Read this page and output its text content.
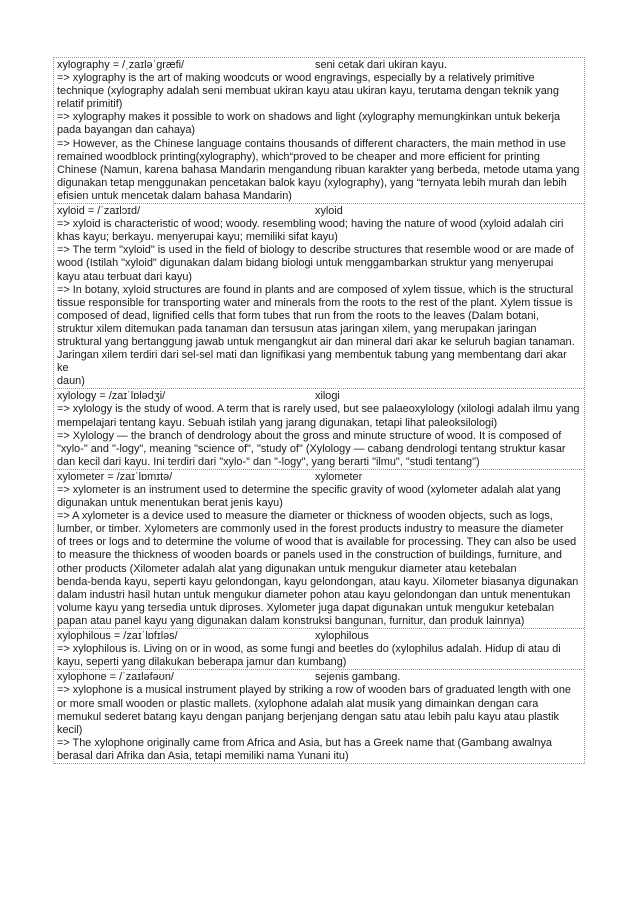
xylography = /ˌzaɪləˈɡræfi/	seni cetak dari ukiran kayu.
=> xylography is the art of making woodcuts or wood engravings, especially by a relatively primitive
technique (xylography adalah seni membuat ukiran kayu atau ukiran kayu, terutama dengan teknik yang
relatif primitif)
=> xylography makes it possible to work on shadows and light (xylography memungkinkan untuk bekerja
pada bayangan dan cahaya)
=> However, as the Chinese language contains thousands of different characters, the main method in use
remained woodblock printing(xylography), which“proved to be cheaper and more efficient for printing
Chinese (Namun, karena bahasa Mandarin mengandung ribuan karakter yang berbeda, metode utama yang
digunakan tetap menggunakan pencetakan balok kayu (xylography), yang “ternyata lebih murah dan lebih
efisien untuk mencetak dalam bahasa Mandarin)
xyloid = /ˈzaɪlɔɪd/	xyloid
=> xyloid is characteristic of wood; woody. resembling wood; having the nature of wood (xyloid adalah ciri
khas kayu; berkayu. menyerupai kayu; memiliki sifat kayu)
=> The term "xyloid" is used in the field of biology to describe structures that resemble wood or are made of
wood (Istilah "xyloid" digunakan dalam bidang biologi untuk menggambarkan struktur yang menyerupai
kayu atau terbuat dari kayu)
=> In botany, xyloid structures are found in plants and are composed of xylem tissue, which is the structural
tissue responsible for transporting water and minerals from the roots to the rest of the plant. Xylem tissue is
composed of dead, lignified cells that form tubes that run from the roots to the leaves (Dalam botani,
struktur xilem ditemukan pada tanaman dan tersusun atas jaringan xilem, yang merupakan jaringan
struktural yang bertanggung jawab untuk mengangkut air dan mineral dari akar ke seluruh bagian tanaman.
Jaringan xilem terdiri dari sel-sel mati dan lignifikasi yang membentuk tabung yang membentang dari akar ke
daun)
xylology = /zaɪˈlɒlədʒi/	xilogi
=> xylology is the study of wood. A term that is rarely used, but see palaeoxylology (xilologi adalah ilmu yang
mempelajari tentang kayu. Sebuah istilah yang jarang digunakan, tetapi lihat paleoksilologi)
=> Xylology — the branch of dendrology about the gross and minute structure of wood. It is composed of
"xylo-" and "-logy", meaning "science of", "study of" (Xylology — cabang dendrologi tentang struktur kasar
dan kecil dari kayu. Ini terdiri dari "xylo-" dan "-logy", yang berarti "ilmu", "studi tentang")
xylometer = /zaɪˈlɒmɪtə/	xylometer
=> xylometer is an instrument used to determine the specific gravity of wood (xylometer adalah alat yang
digunakan untuk menentukan berat jenis kayu)
=> A xylometer is a device used to measure the diameter or thickness of wooden objects, such as logs,
lumber, or timber. Xylometers are commonly used in the forest products industry to measure the diameter
of trees or logs and to determine the volume of wood that is available for processing. They can also be used
to measure the thickness of wooden boards or panels used in the construction of buildings, furniture, and
other products (Xilometer adalah alat yang digunakan untuk mengukur diameter atau ketebalan
benda-benda kayu, seperti kayu gelondongan, kayu gelondongan, atau kayu. Xilometer biasanya digunakan
dalam industri hasil hutan untuk mengukur diameter pohon atau kayu gelondongan dan untuk menentukan
volume kayu yang tersedia untuk diproses. Xylometer juga dapat digunakan untuk mengukur ketebalan
papan atau panel kayu yang digunakan dalam konstruksi bangunan, furnitur, dan produk lainnya)
xylophilous = /zaɪˈlɒfɪləs/	xylophilous
=> xylophilous is. Living on or in wood, as some fungi and beetles do (xylophilus adalah. Hidup di atau di
kayu, seperti yang dilakukan beberapa jamur dan kumbang)
xylophone = /ˈzaɪləfəʊn/	sejenis gambang.
=> xylophone is a musical instrument played by striking a row of wooden bars of graduated length with one
or more small wooden or plastic mallets. (xylophone adalah alat musik yang dimainkan dengan cara
memukul sederet batang kayu dengan panjang berjenjang dengan satu atau lebih palu kayu atau plastik
kecil)
=> The xylophone originally came from Africa and Asia, but has a Greek name that (Gambang awalnya
berasal dari Afrika dan Asia, tetapi memiliki nama Yunani itu)
